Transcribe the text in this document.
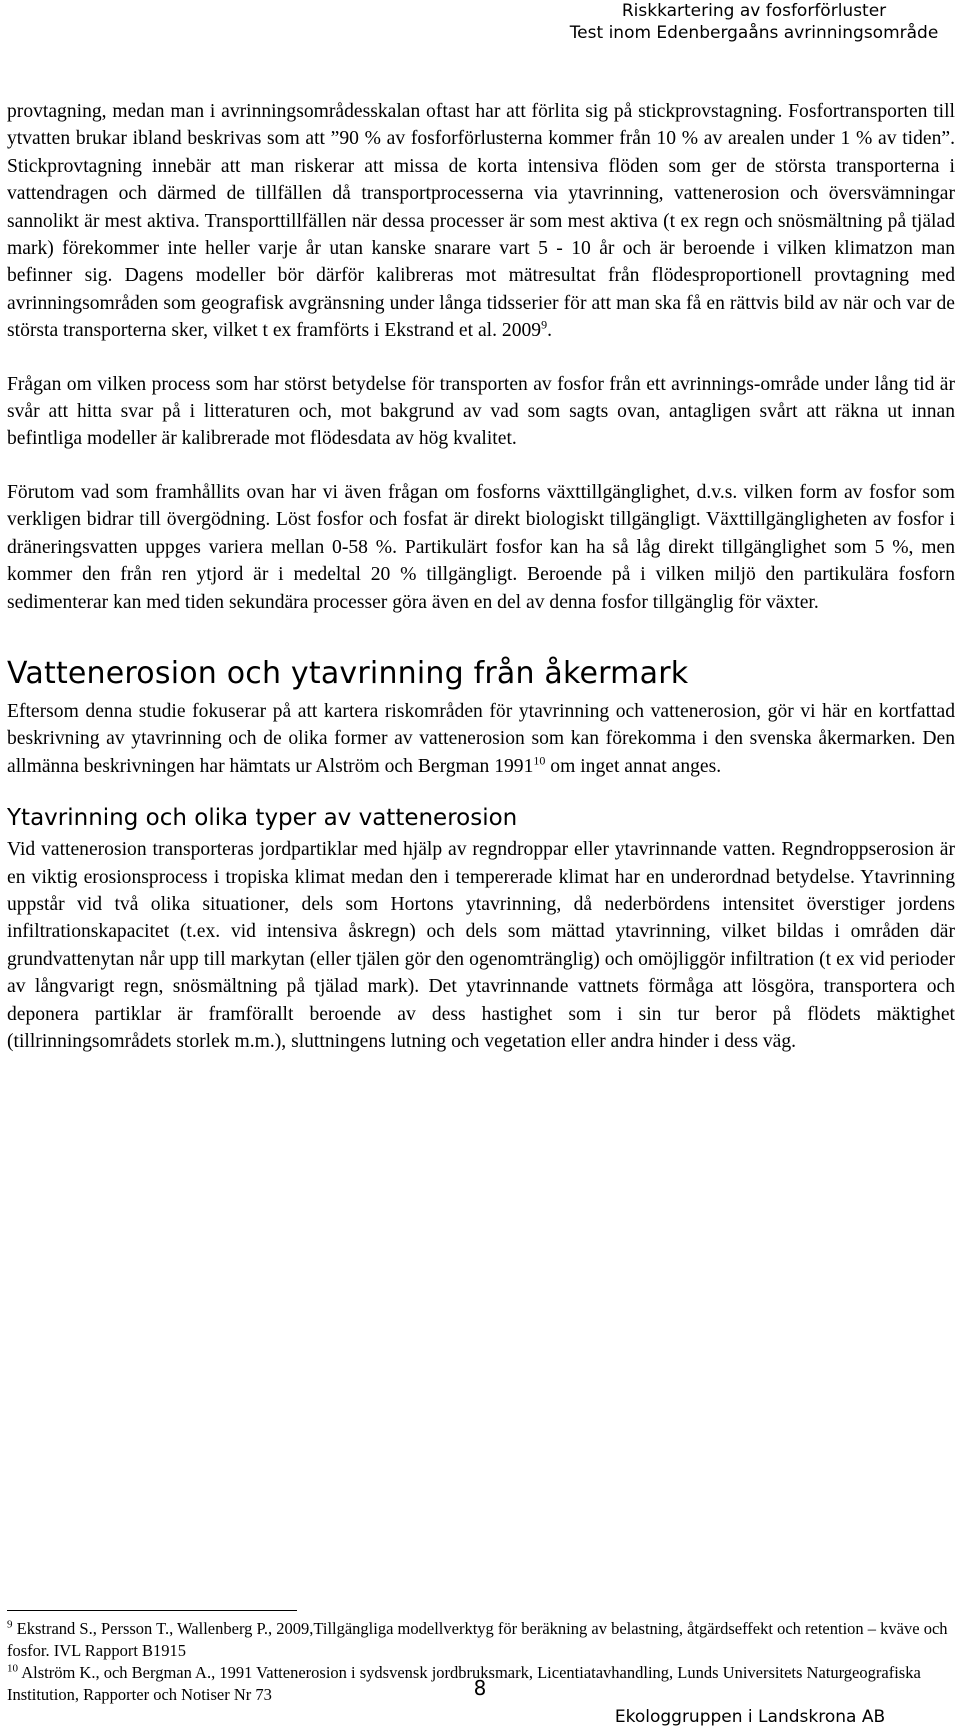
Riskkartering av fosforförluster
Test inom Edenbergaåns avrinningsområde

provtagning, medan man i avrinningsområdesskalan oftast har att förlita sig på stickprovstagning. Fosfortransporten till ytvatten brukar ibland beskrivas som att ”90 % av fosforförlusterna kommer från 10 % av arealen under 1 % av tiden”. Stickprovtagning innebär att man riskerar att missa de korta intensiva flöden som ger de största transporterna i vattendragen och därmed de tillfällen då transportprocesserna via ytavrinning, vattenerosion och översvämningar sannolikt är mest aktiva. Transporttillfällen när dessa processer är som mest aktiva (t ex regn och snösmältning på tjälad mark) förekommer inte heller varje år utan kanske snarare vart 5 - 10 år och är beroende i vilken klimatzon man befinner sig. Dagens modeller bör därför kalibreras mot mätresultat från flödesproportionell provtagning med avrinningsområden som geografisk avgränsning under långa tidsserier för att man ska få en rättvis bild av när och var de största transporterna sker, vilket t ex framförts i Ekstrand et al. 2009$^9$.

Frågan om vilken process som har störst betydelse för transporten av fosfor från ett avrinnings-område under lång tid är svår att hitta svar på i litteraturen och, mot bakgrund av vad som sagts ovan, antagligen svårt att räkna ut innan befintliga modeller är kalibrerade mot flödesdata av hög kvalitet.

Förutom vad som framhållits ovan har vi även frågan om fosforns växttillgänglighet, d.v.s. vilken form av fosfor som verkligen bidrar till övergödning. Löst fosfor och fosfat är direkt biologiskt tillgängligt. Växttillgängligheten av fosfor i dräneringsvatten uppges variera mellan 0-58 %. Partikulärt fosfor kan ha så låg direkt tillgänglighet som 5 %, men kommer den från ren ytjord är i medeltal 20 % tillgängligt. Beroende på i vilken miljö den partikulära fosforn sedimenterar kan med tiden sekundära processer göra även en del av denna fosfor tillgänglig för växter.

Vattenerosion och ytavrinning från åkermark

Eftersom denna studie fokuserar på att kartera riskområden för ytavrinning och vattenerosion, gör vi här en kortfattad beskrivning av ytavrinning och de olika former av vattenerosion som kan förekomma i den svenska åkermarken. Den allmänna beskrivningen har hämtats ur Alström och Bergman 1991$^{10}$ om inget annat anges.

Ytavrinning och olika typer av vattenerosion

Vid vattenerosion transporteras jordpartiklar med hjälp av regndroppar eller ytavrinnande vatten. Regndroppserosion är en viktig erosionsprocess i tropiska klimat medan den i tempererade klimat har en underordnad betydelse. Ytavrinning uppstår vid två olika situationer, dels som Hortons ytavrinning, då nederbördens intensitet överstiger jordens infiltrationskapacitet (t.ex. vid intensiva åskregn) och dels som mättad ytavrinning, vilket bildas i områden där grundvattenytan når upp till markytan (eller tjälen gör den ogenomtränglig) och omöjliggör infiltration (t ex vid perioder av långvarigt regn, snösmältning på tjälad mark). Det ytavrinnande vattnets förmåga att lösgöra, transportera och deponera partiklar är framförallt beroende av dess hastighet som i sin tur beror på flödets mäktighet (tillrinningsområdets storlek m.m.), sluttningens lutning och vegetation eller andra hinder i dess väg.

$^9$ Ekstrand S., Persson T., Wallenberg P., 2009,Tillgängliga modellverktyg för beräkning av belastning, åtgärdseffekt och retention – kväve och fosfor. IVL Rapport B1915

$^{10}$ Alström K., och Bergman A., 1991 Vattenerosion i sydsvensk jordbruksmark, Licentiatavhandling, Lunds Universitets Naturgeografiska Institution, Rapporter och Notiser Nr 73	8
Ekologgruppen i Landskrona AB
